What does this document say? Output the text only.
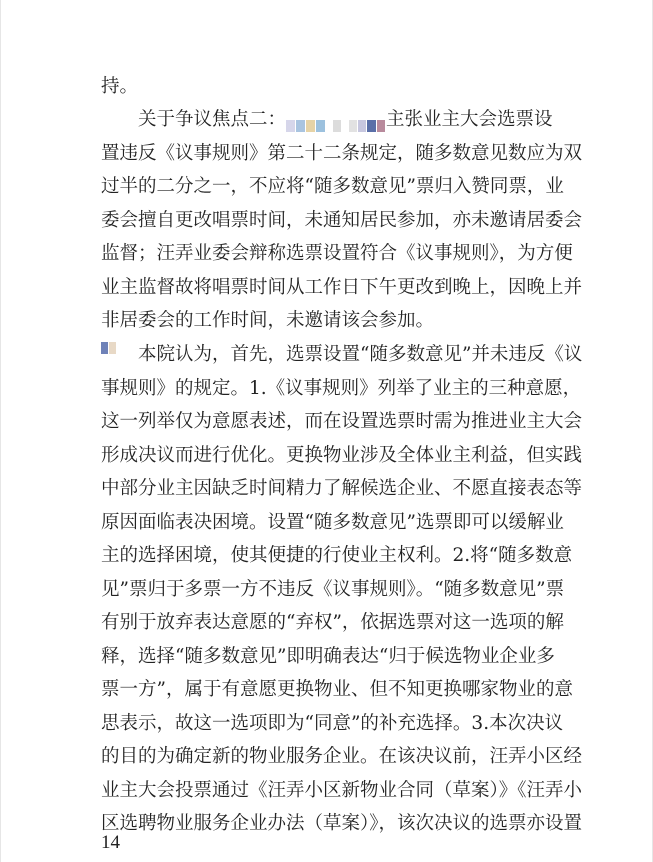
持。

关于争议焦点二：	主张业主大会选票设
置违反《议事规则》第二十二条规定，随多数意见数应为双
过半的二分之一，不应将“随多数意见”票归入赞同票，业
委会擅自更改唱票时间，未通知居民参加，亦未邀请居委会
监督；汪弄业委会辩称选票设置符合《议事规则》，为方便
业主监督故将唱票时间从工作日下午更改到晚上，因晚上并
非居委会的工作时间，未邀请该会参加。

本院认为，首先，选票设置“随多数意见”并未违反《议
事规则》的规定。1.《议事规则》列举了业主的三种意愿，
这一列举仅为意愿表述，而在设置选票时需为推进业主大会
形成决议而进行优化。更换物业涉及全体业主利益，但实践
中部分业主因缺乏时间精力了解候选企业、不愿直接表态等
原因面临表决困境。设置“随多数意见”选票即可以缓解业
主的选择困境，使其便捷的行使业主权利。2.将“随多数意
见”票归于多票一方不违反《议事规则》。“随多数意见”票
有别于放弃表达意愿的“弃权”，依据选票对这一选项的解
释，选择“随多数意见”即明确表达“归于候选物业企业多
票一方”，属于有意愿更换物业、但不知更换哪家物业的意
思表示，故这一选项即为“同意”的补充选择。3.本次决议
的目的为确定新的物业服务企业。在该决议前，汪弄小区经
业主大会投票通过《汪弄小区新物业合同（草案）》《汪弄小
区选聘物业服务企业办法（草案）》，该次决议的选票亦设置

14
